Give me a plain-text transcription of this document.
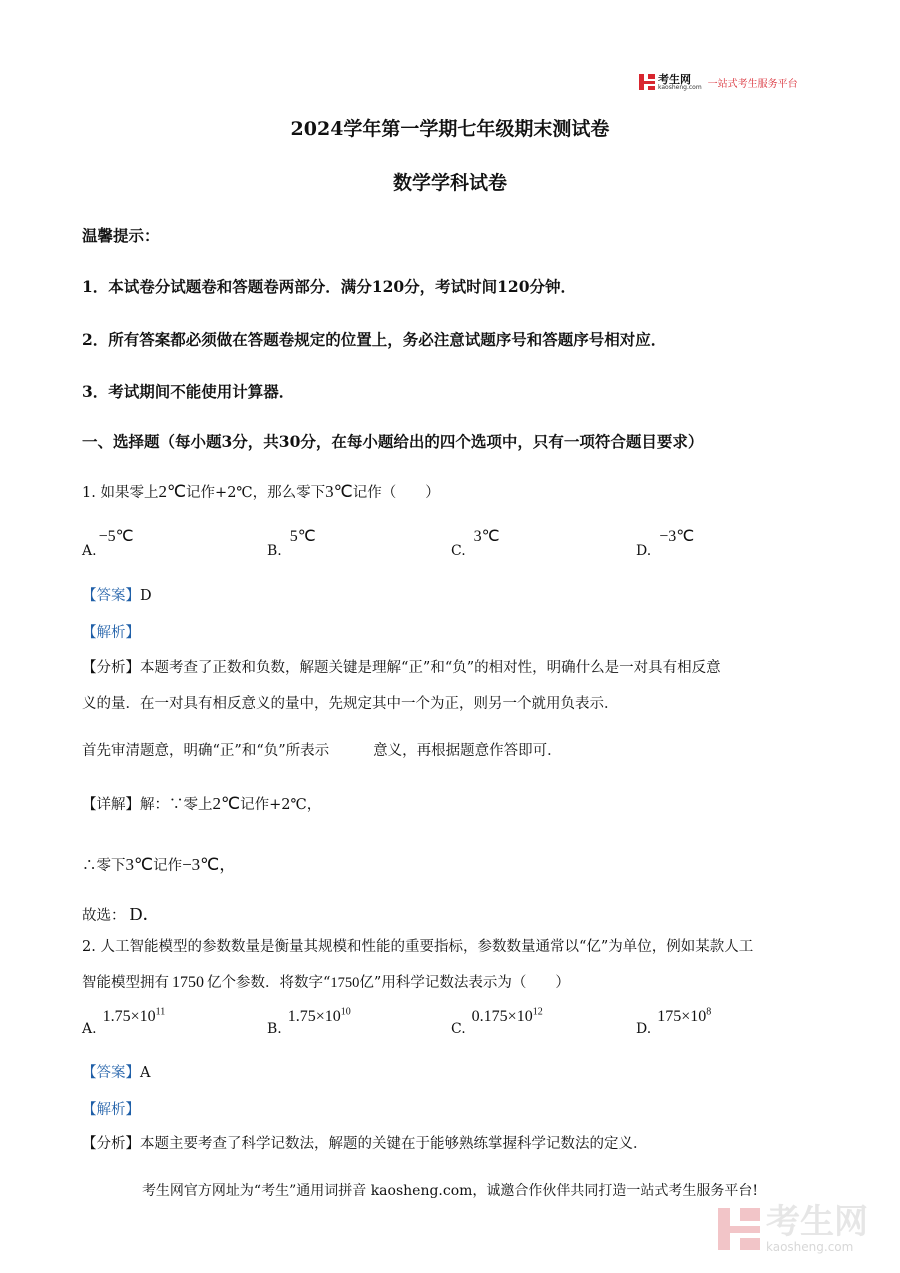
考生网
kaosheng.com 一站式考生服务平台
2024学年第一学期七年级期末测试卷
数学学科试卷
温馨提示：
1．本试卷分试题卷和答题卷两部分．满分120分，考试时间120分钟．
2．所有答案都必须做在答题卷规定的位置上，务必注意试题序号和答题序号相对应．
3．考试期间不能使用计算器．
一、选择题（每小题3分，共30分，在每小题给出的四个选项中，只有一项符合题目要求）
1. 如果零上2℃记作+2℃，那么零下3℃记作（　　）
A.−5℃
B.5℃
C.3℃
D.−3℃
【答案】D
【解析】
【分析】本题考查了正数和负数，解题关键是理解“正”和“负”的相对性，明确什么是一对具有相反意
义的量．在一对具有相反意义的量中，先规定其中一个为正，则另一个就用负表示．
首先审清题意，明确“正”和“负”所表示	意义，再根据题意作答即可．
【详解】解：∵零上2℃记作+2℃，
∴零下3℃记作−3℃，
故选： D．
2. 人工智能模型的参数数量是衡量其规模和性能的重要指标，参数数量通常以“亿”为单位，例如某款人工
智能模型拥有 1750 亿个参数．将数字“1750亿”用科学记数法表示为（　　）
$A.1.75\times 10^{11}$
$B.1.75\times 10^{10}$
$C.0.175\times 10^{12}$
$D.175\times 10^8$
【答案】A
【解析】
【分析】本题主要考查了科学记数法，解题的关键在于能够熟练掌握科学记数法的定义．
考生网官方网址为“考生”通用词拼音 kaosheng.com，诚邀合作伙伴共同打造一站式考生服务平台!
考生网
kaosheng.com
